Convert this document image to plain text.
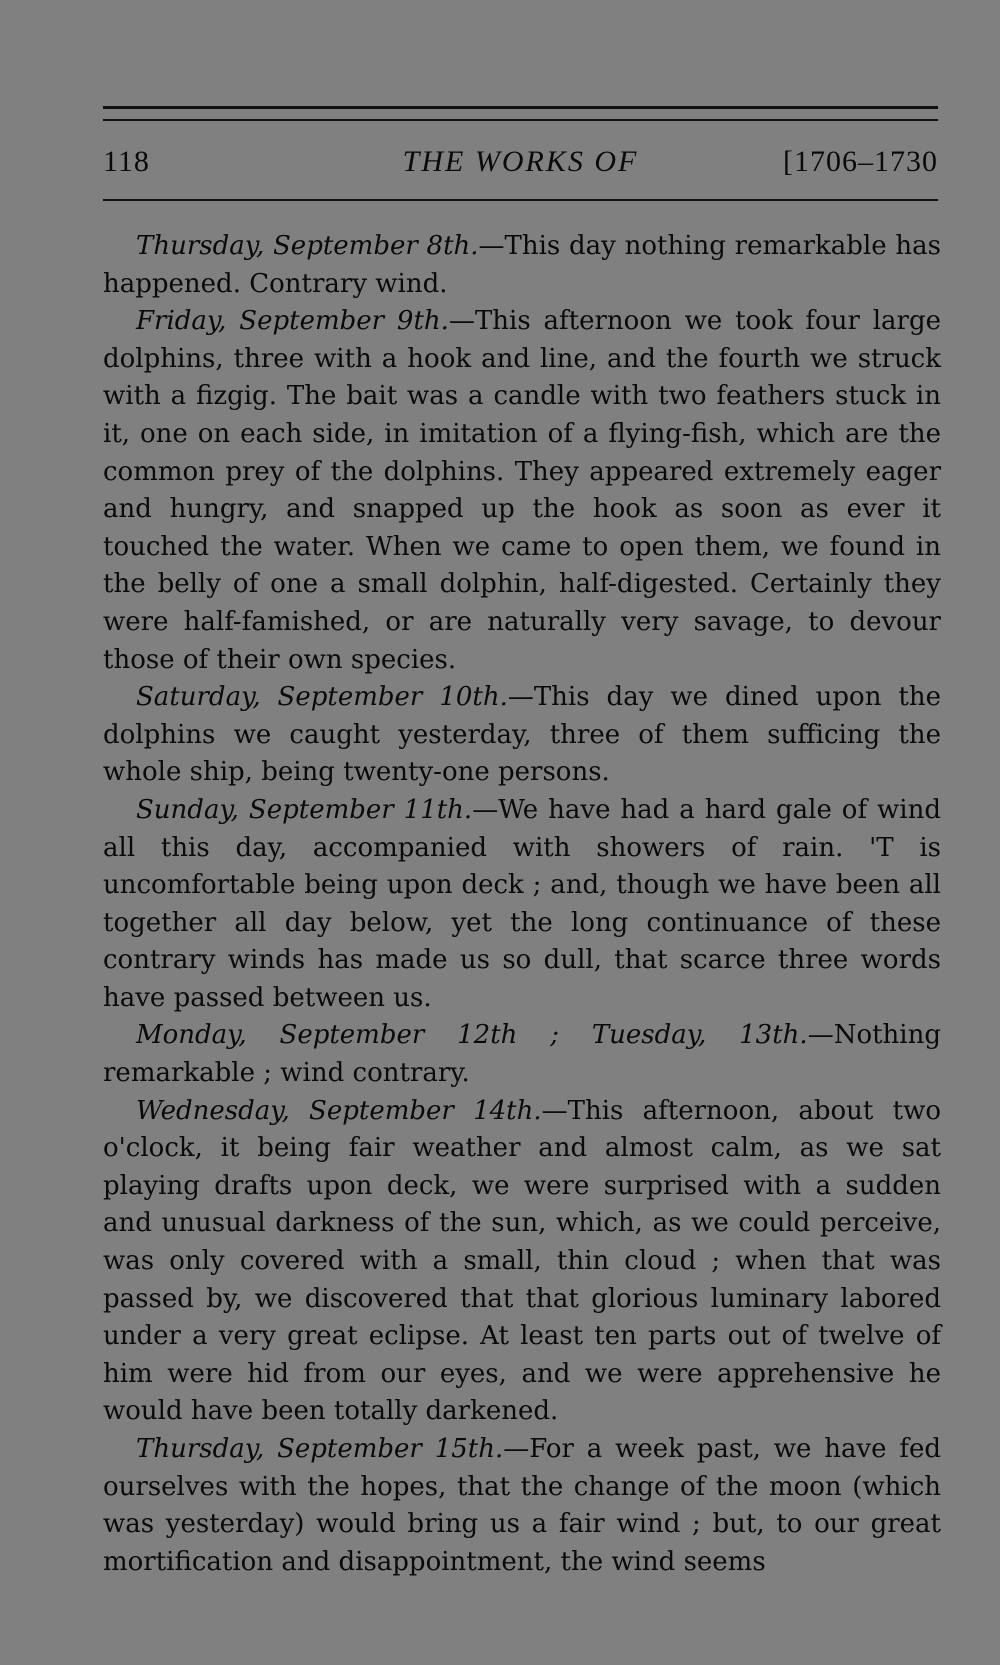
118	THE WORKS OF	[1706–1730

Thursday, September 8th.—This day nothing remarkable has happened. Contrary wind.

Friday, September 9th.—This afternoon we took four large dolphins, three with a hook and line, and the fourth we struck with a fizgig. The bait was a candle with two feathers stuck in it, one on each side, in imitation of a flying-fish, which are the common prey of the dolphins. They appeared extremely eager and hungry, and snapped up the hook as soon as ever it touched the water. When we came to open them, we found in the belly of one a small dolphin, half-digested. Certainly they were half-famished, or are naturally very savage, to devour those of their own species.

Saturday, September 10th.—This day we dined upon the dolphins we caught yesterday, three of them sufficing the whole ship, being twenty-one persons.

Sunday, September 11th.—We have had a hard gale of wind all this day, accompanied with showers of rain. 'T is uncomfortable being upon deck ; and, though we have been all together all day below, yet the long continuance of these contrary winds has made us so dull, that scarce three words have passed between us.

Monday, September 12th ; Tuesday, 13th.—Nothing remarkable ; wind contrary.

Wednesday, September 14th.—This afternoon, about two o'clock, it being fair weather and almost calm, as we sat playing drafts upon deck, we were surprised with a sudden and unusual darkness of the sun, which, as we could perceive, was only covered with a small, thin cloud ; when that was passed by, we discovered that that glorious luminary labored under a very great eclipse. At least ten parts out of twelve of him were hid from our eyes, and we were apprehensive he would have been totally darkened.

Thursday, September 15th.—For a week past, we have fed ourselves with the hopes, that the change of the moon (which was yesterday) would bring us a fair wind ; but, to our great mortification and disappointment, the wind seems
